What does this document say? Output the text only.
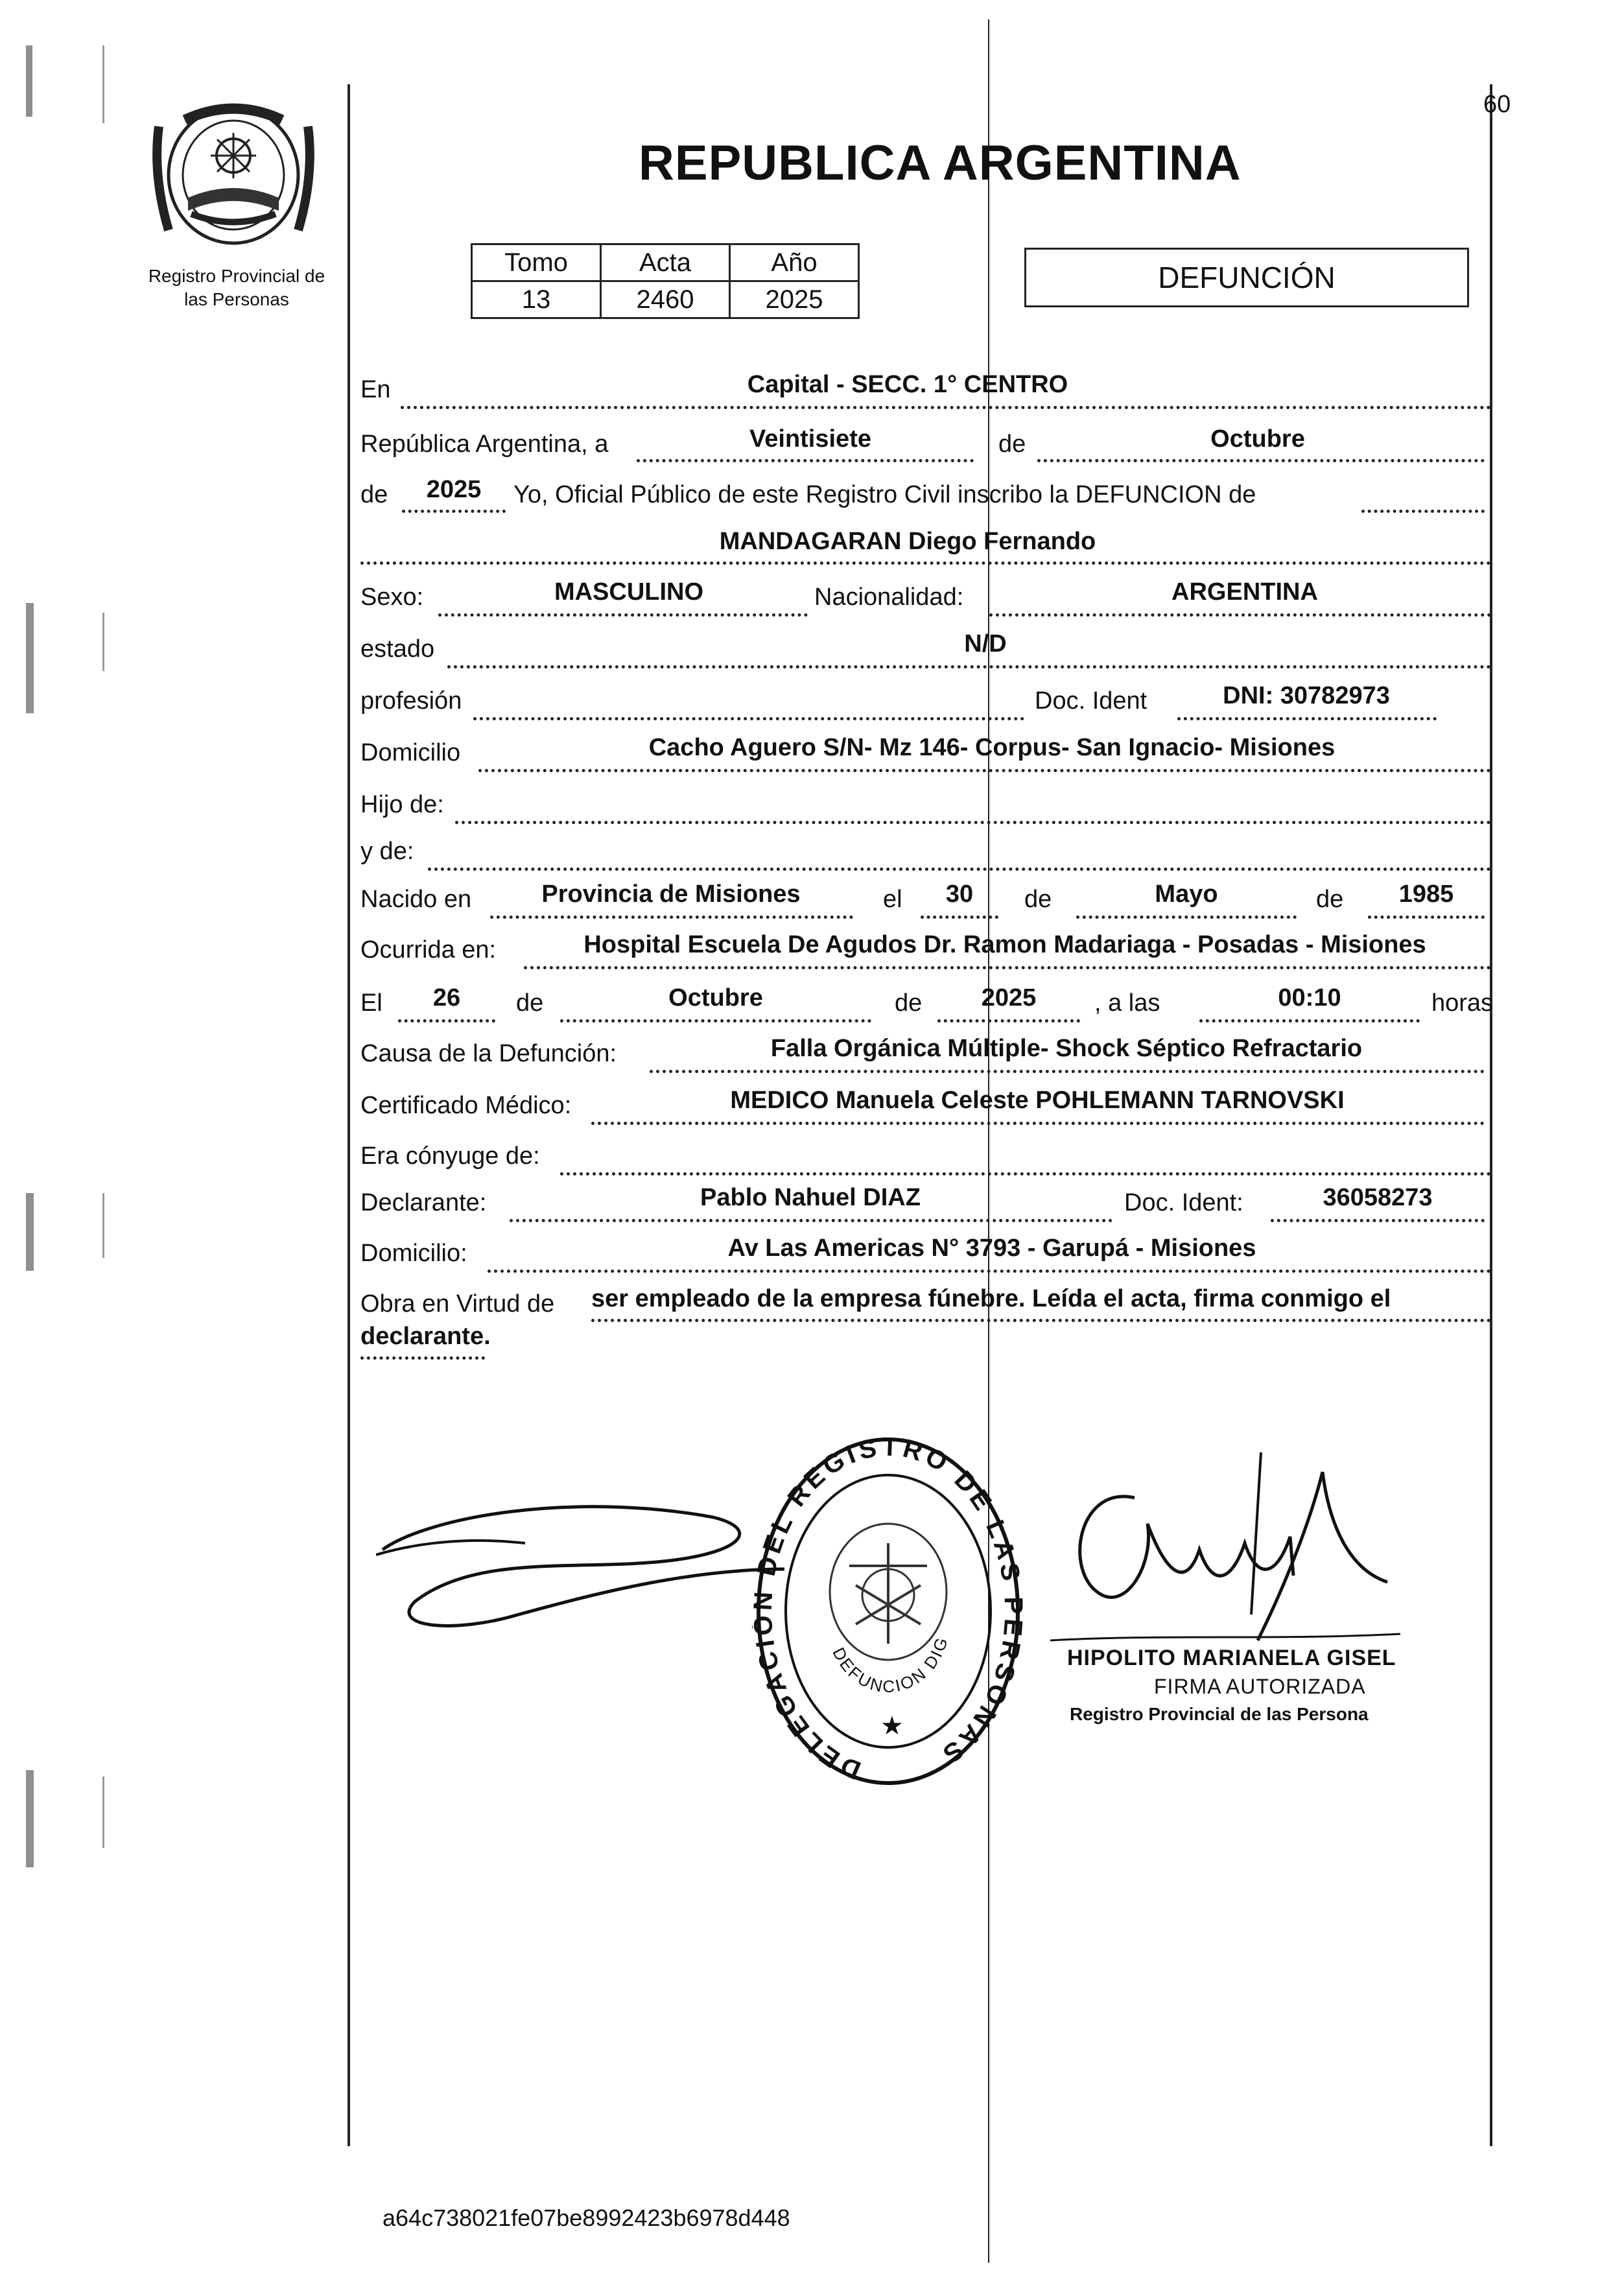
60
Registro Provincial de
las Personas
REPUBLICA ARGENTINA
Tomo	Acta	Año
13	2460	2025
DEFUNCIÓN
En	Capital - SECC. 1° CENTRO
República Argentina, a	Veintisiete	de	Octubre
de	2025	Yo, Oficial Público de este Registro Civil inscribo la DEFUNCION de
MANDAGARAN Diego Fernando
Sexo:	MASCULINO	Nacionalidad:	ARGENTINA
estado	N/D
profesión	Doc. Ident	DNI: 30782973
Domicilio	Cacho Aguero S/N- Mz 146- Corpus- San Ignacio- Misiones
Hijo de:
y de:
Nacido en	Provincia de Misiones	el	30	de	Mayo	de	1985
Ocurrida en:	Hospital Escuela De Agudos Dr. Ramon Madariaga - Posadas - Misiones
El	26	de	Octubre	de	2025	, a las	00:10	horas
Causa de la Defunción:	Falla Orgánica Múltiple- Shock Séptico Refractario
Certificado Médico:	MEDICO Manuela Celeste POHLEMANN TARNOVSKI
Era cónyuge de:
Declarante:	Pablo Nahuel DIAZ	Doc. Ident:	36058273
Domicilio:	Av Las Americas N° 3793 - Garupá - Misiones
Obra en Virtud de ser empleado de la empresa fúnebre. Leída el acta, firma conmigo el
declarante.
DELEGACI DEL REGISTRO DE LAS RSONAS
DEFUNCION DIG
★
HIPOLITO MARIANELA GISEL
FIRMA AUTORIZADA
Registro Provincial de las Persona
a64c738021fe07be8992423b6978d448
